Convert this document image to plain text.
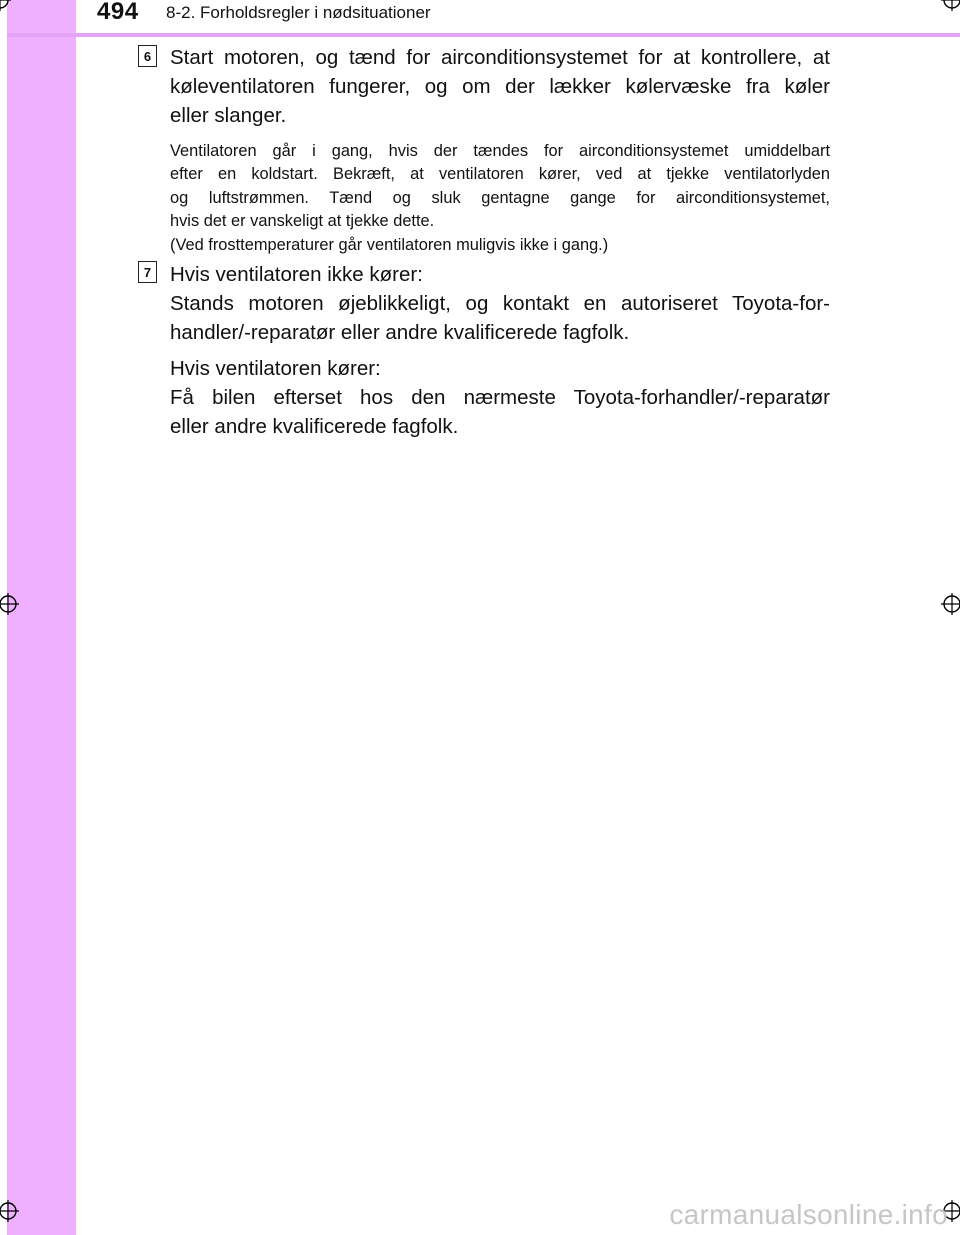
494 8-2. Forholdsregler i nødsituationer
6 Start motoren, og tænd for airconditionsystemet for at kontrollere, at
køleventilatoren fungerer, og om der lækker kølervæske fra køler
eller slanger.
Ventilatoren går i gang, hvis der tændes for airconditionsystemet umiddelbart
efter en koldstart. Bekræft, at ventilatoren kører, ved at tjekke ventilatorlyden
og luftstrømmen. Tænd og sluk gentagne gange for airconditionsystemet,
hvis det er vanskeligt at tjekke dette.
(Ved frosttemperaturer går ventilatoren muligvis ikke i gang.)
7 Hvis ventilatoren ikke kører:
Stands motoren øjeblikkeligt, og kontakt en autoriseret Toyota-for-
handler/-reparatør eller andre kvalificerede fagfolk.
Hvis ventilatoren kører:
Få bilen efterset hos den nærmeste Toyota-forhandler/-reparatør
eller andre kvalificerede fagfolk.
carmanualsonline.info
